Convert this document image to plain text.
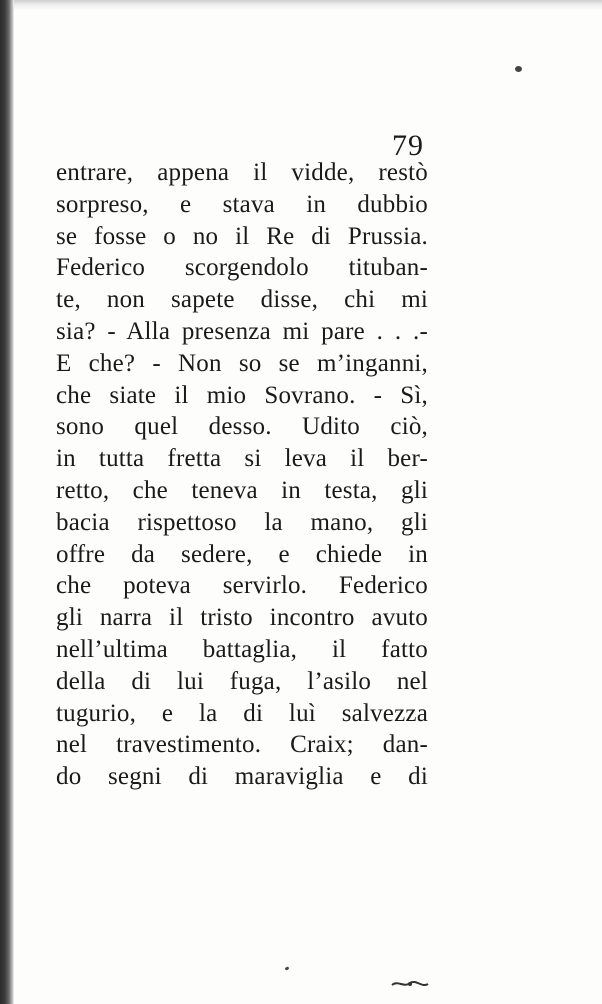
79
entrare, appena il vidde, restò
sorpreso, e stava in dubbio
se fosse o no il Re di Prussia.
Federico scorgendolo tituban-
te, non sapete disse, chi mi
sia? - Alla presenza mi pare . . .-
E che? - Non so se m’inganni,
che siate il mio Sovrano. - Sì,
sono quel desso. Udito ciò,
in tutta fretta si leva il ber-
retto, che teneva in testa, gli
bacia rispettoso la mano, gli
offre da sedere, e chiede in
che poteva servirlo. Federico
gli narra il tristo incontro avuto
nell’ultima battaglia, il fatto
della di lui fuga, l’asilo nel
tugurio, e la di luì salvezza
nel travestimento. Craix; dan-
do segni di maraviglia e di
